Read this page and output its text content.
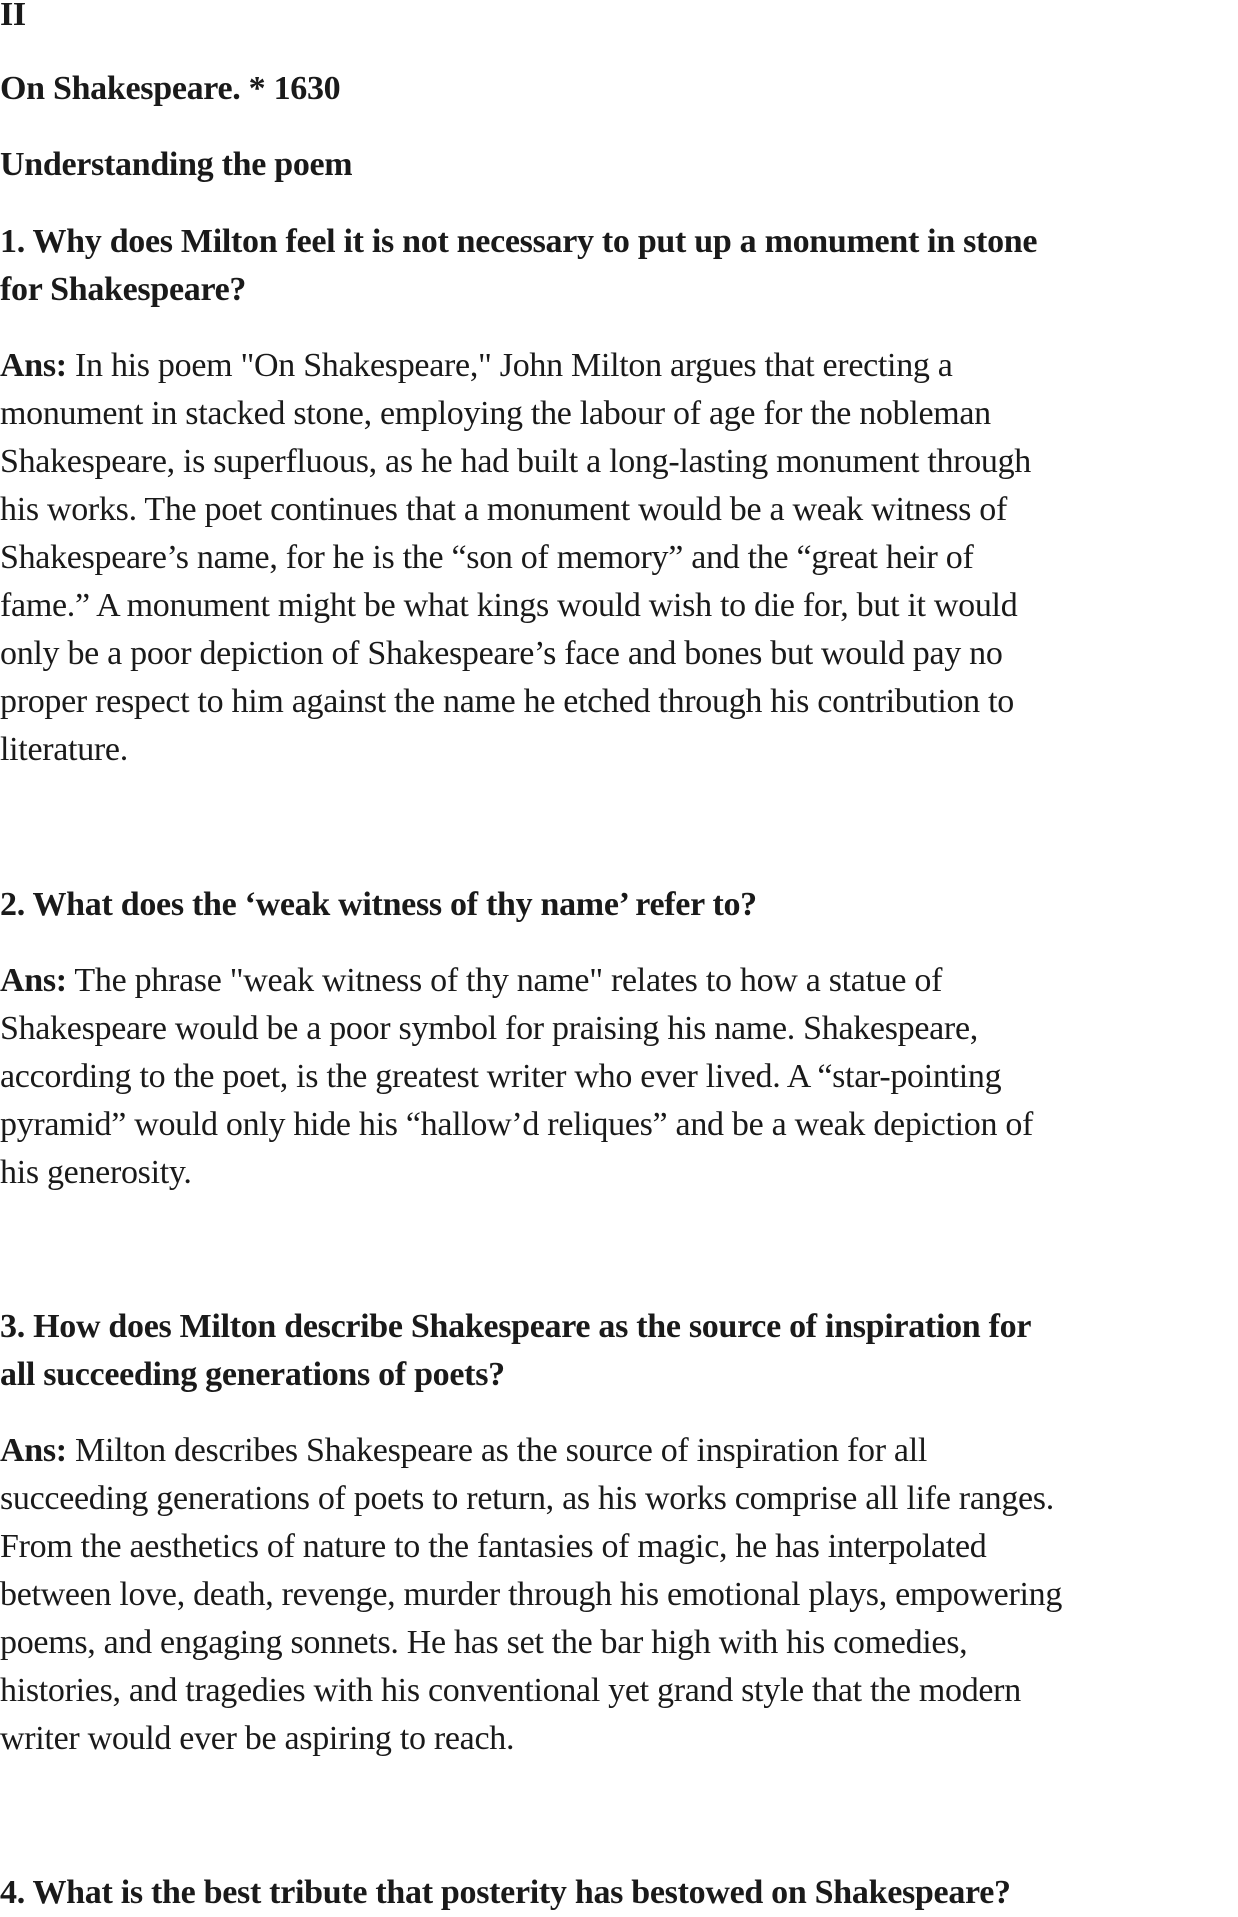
II
On Shakespeare. * 1630
Understanding the poem
1. Why does Milton feel it is not necessary to put up a monument in stone
for Shakespeare?
2. What does the ‘weak witness of thy name’ refer to?
3. How does Milton describe Shakespeare as the source of inspiration for
all succeeding generations of poets?
4. What is the best tribute that posterity has bestowed on Shakespeare?
Ans: In his poem "On Shakespeare," John Milton argues that erecting a
monument in stacked stone, employing the labour of age for the nobleman
Shakespeare, is superfluous, as he had built a long-lasting monument through
his works. The poet continues that a monument would be a weak witness of
Shakespeare’s name, for he is the “son of memory” and the “great heir of
fame.” A monument might be what kings would wish to die for, but it would
only be a poor depiction of Shakespeare’s face and bones but would pay no
proper respect to him against the name he etched through his contribution to
literature.
Ans: The phrase "weak witness of thy name" relates to how a statue of
Shakespeare would be a poor symbol for praising his name. Shakespeare,
according to the poet, is the greatest writer who ever lived. A “star-pointing
pyramid” would only hide his “hallow’d reliques” and be a weak depiction of
his generosity.
Ans: Milton describes Shakespeare as the source of inspiration for all
succeeding generations of poets to return, as his works comprise all life ranges.
From the aesthetics of nature to the fantasies of magic, he has interpolated
between love, death, revenge, murder through his emotional plays, empowering
poems, and engaging sonnets. He has set the bar high with his comedies,
histories, and tragedies with his conventional yet grand style that the modern
writer would ever be aspiring to reach.
